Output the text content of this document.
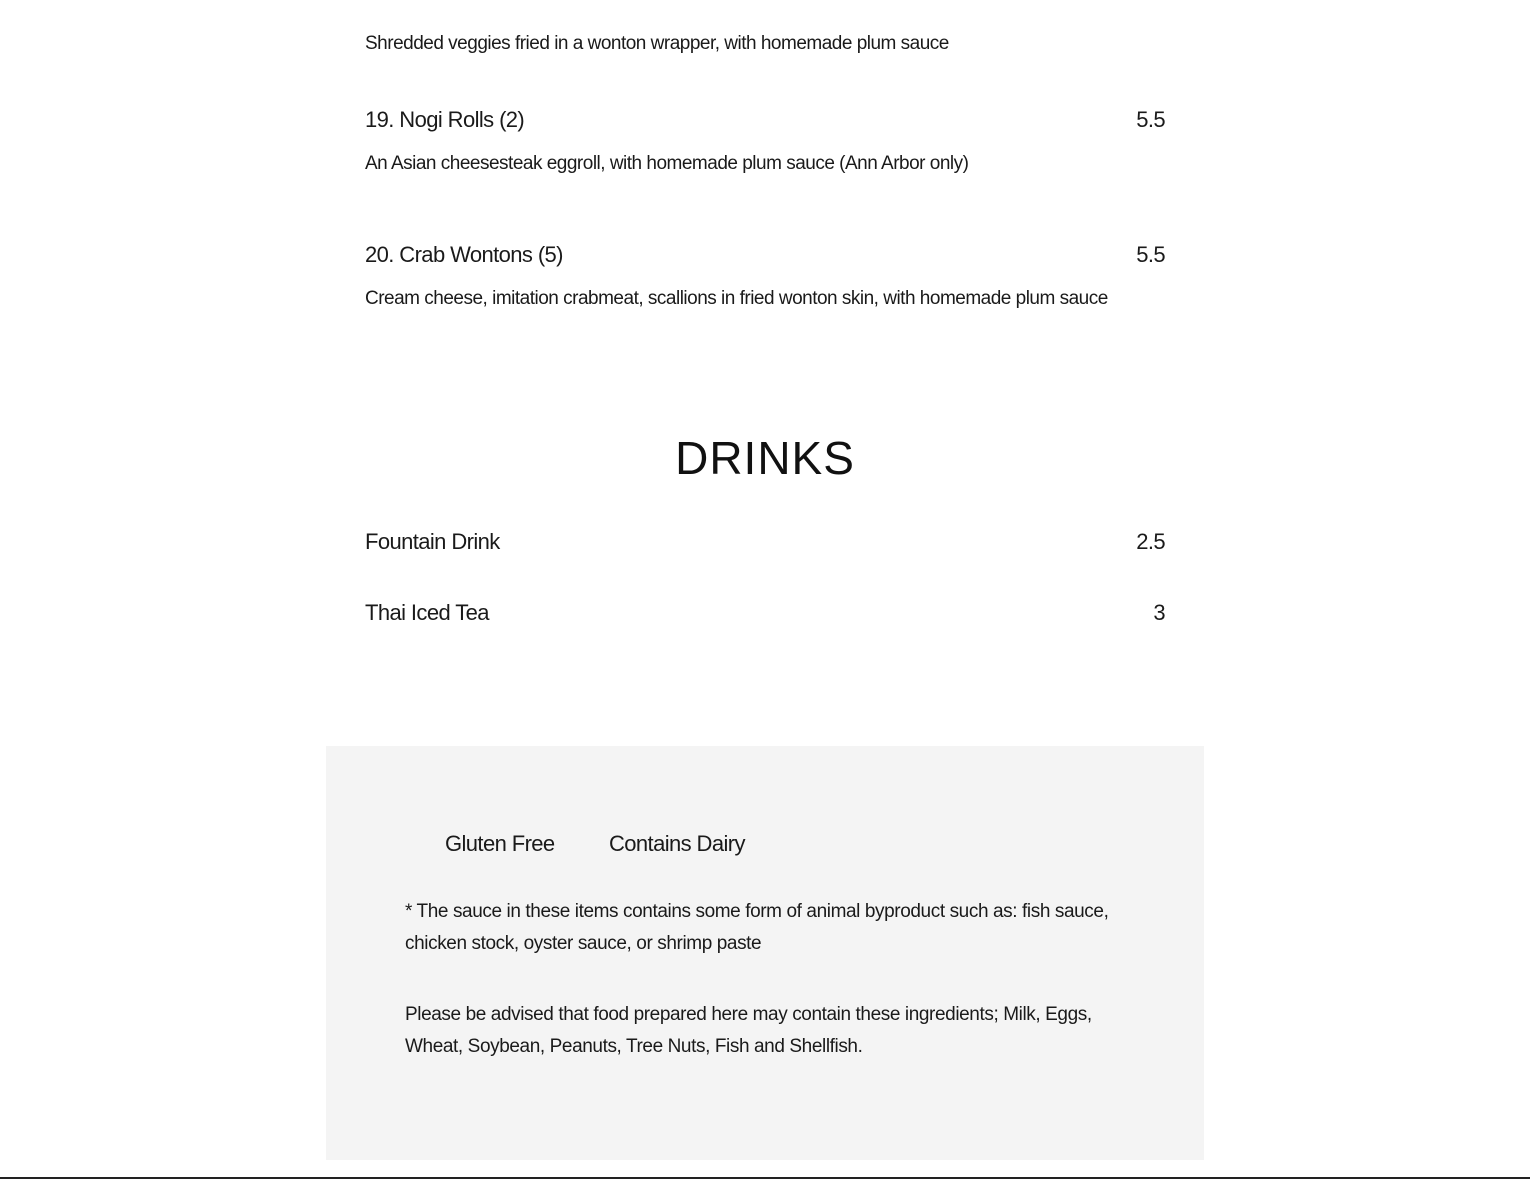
Shredded veggies fried in a wonton wrapper, with homemade plum sauce
19. Nogi Rolls (2)	5.5
An Asian cheesesteak eggroll, with homemade plum sauce (Ann Arbor only)
20. Crab Wontons (5)	5.5
Cream cheese, imitation crabmeat, scallions in fried wonton skin, with homemade plum sauce
DRINKS
Fountain Drink	2.5
Thai Iced Tea	3
Gluten Free Contains Dairy
* The sauce in these items contains some form of animal byproduct such as: fish sauce, chicken stock, oyster sauce, or shrimp paste
Please be advised that food prepared here may contain these ingredients; Milk, Eggs, Wheat, Soybean, Peanuts, Tree Nuts, Fish and Shellfish.
